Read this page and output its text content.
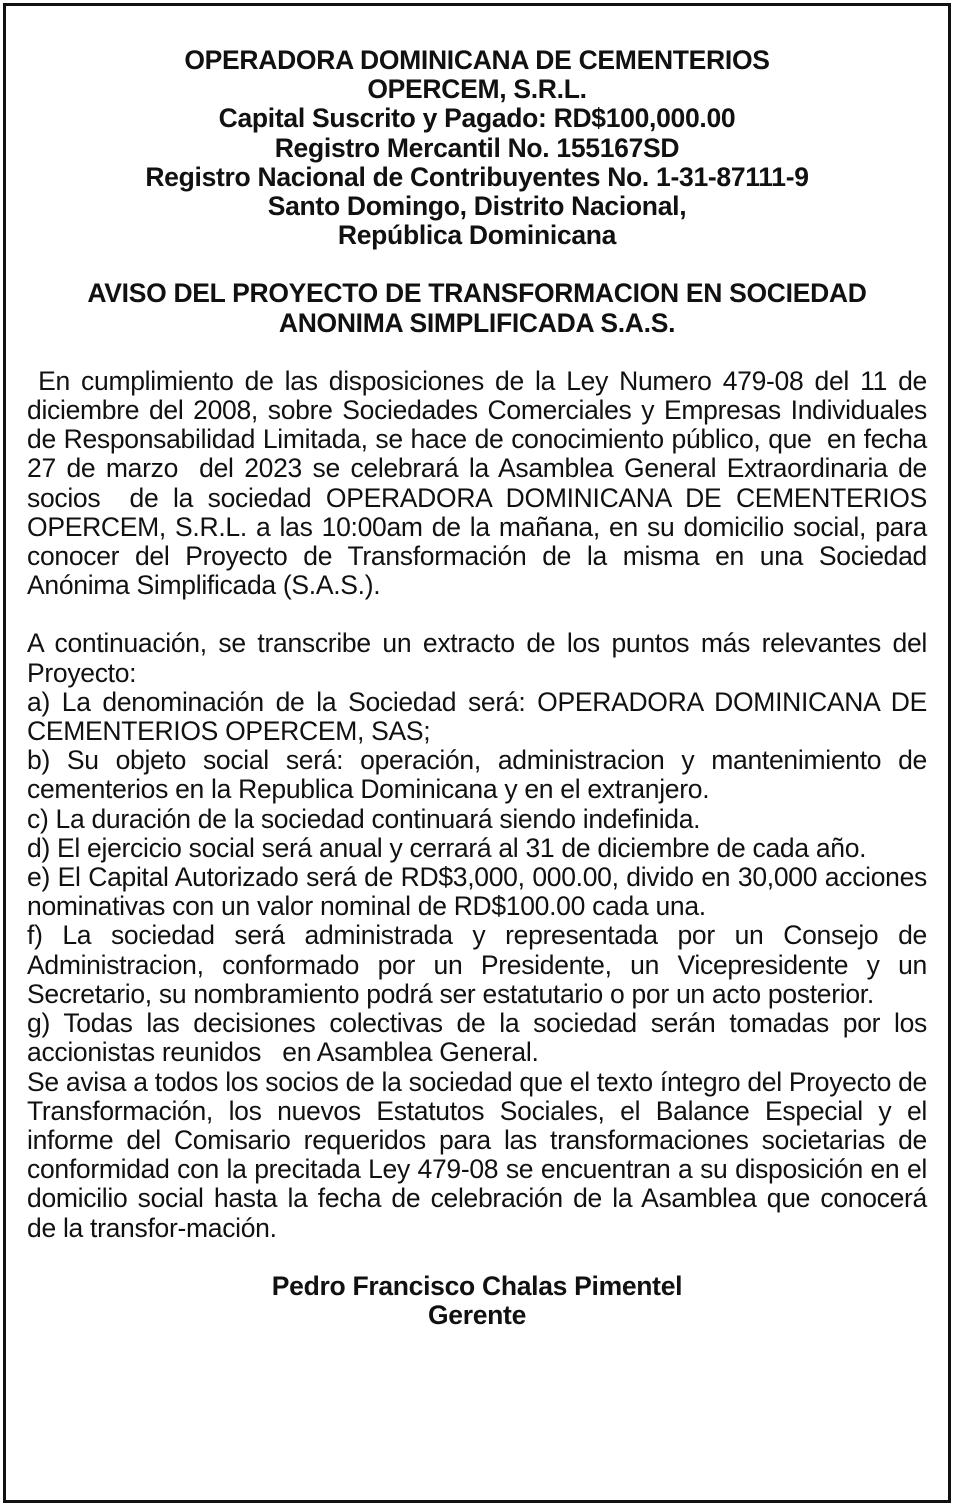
OPERADORA DOMINICANA DE CEMENTERIOS
OPERCEM, S.R.L.
Capital Suscrito y Pagado: RD$100,000.00
Registro Mercantil No. 155167SD
Registro Nacional de Contribuyentes No. 1-31-87111-9
Santo Domingo, Distrito Nacional,
República Dominicana
AVISO DEL PROYECTO DE TRANSFORMACION EN SOCIEDAD
ANONIMA SIMPLIFICADA S.A.S.

En cumplimiento de las disposiciones de la Ley Numero 479-08 del 11 de diciembre del 2008, sobre Sociedades Comerciales y Empresas Individuales de Responsabilidad Limitada, se hace de conocimiento público, que  en fecha 27 de marzo  del 2023 se celebrará la Asamblea General Extraordinaria de socios  de la sociedad OPERADORA DOMINICANA DE CEMENTERIOS OPERCEM, S.R.L. a las 10:00am de la mañana, en su domicilio social, para conocer del Proyecto de Transformación de la misma en una Sociedad Anónima Simplificada (S.A.S.).

A continuación, se transcribe un extracto de los puntos más relevantes del Proyecto:

a) La denominación de la Sociedad será: OPERADORA DOMINICANA DE CEMENTERIOS OPERCEM, SAS;

b) Su objeto social será: operación, administracion y mantenimiento de cementerios en la Republica Dominicana y en el extranjero.

c) La duración de la sociedad continuará siendo indefinida.

d) El ejercicio social será anual y cerrará al 31 de diciembre de cada año.

e) El Capital Autorizado será de RD$3,000, 000.00, divido en 30,000 acciones nominativas con un valor nominal de RD$100.00 cada una.

f) La sociedad será administrada y representada por un Consejo de Administracion, conformado por un Presidente, un Vicepresidente y un Secretario, su nombramiento podrá ser estatutario o por un acto posterior.

g) Todas las decisiones colectivas de la sociedad serán tomadas por los accionistas reunidos   en Asamblea General.

Se avisa a todos los socios de la sociedad que el texto íntegro del Proyecto de Transformación, los nuevos Estatutos Sociales, el Balance Especial y el informe del Comisario requeridos para las transformaciones societarias de conformidad con la precitada Ley 479-08 se encuentran a su disposición en el domicilio social hasta la fecha de celebración de la Asamblea que conocerá de la transfor-mación.

Pedro Francisco Chalas Pimentel
Gerente
